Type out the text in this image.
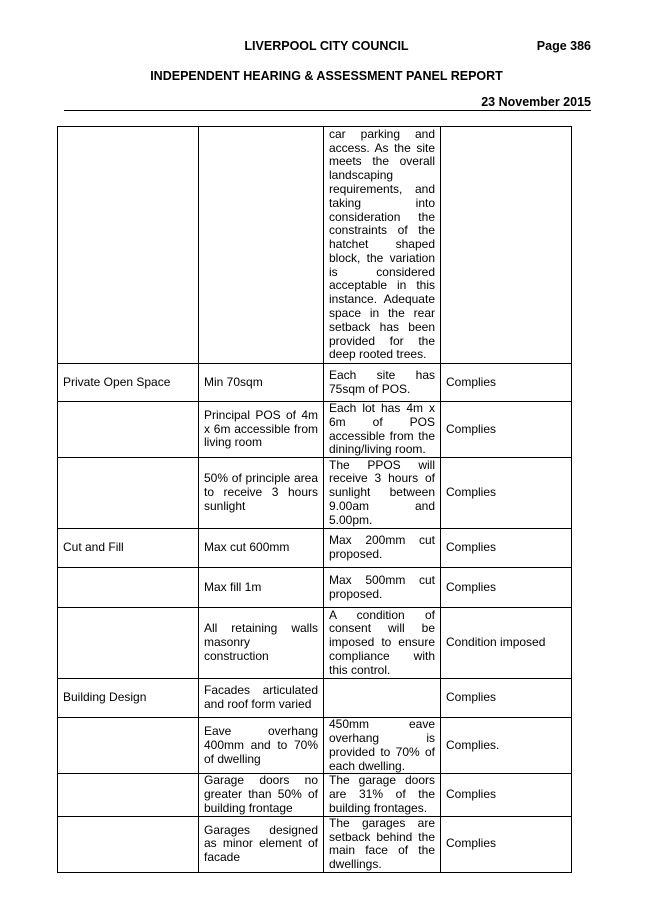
LIVERPOOL CITY COUNCIL	Page 386
INDEPENDENT HEARING & ASSESSMENT PANEL REPORT
23 November 2015
		car parking and access. As the site meets the overall landscaping requirements, and taking into consideration the constraints of the hatchet shaped block, the variation is considered acceptable in this instance. Adequate space in the rear setback has been provided for the deep rooted trees.	
Private Open Space	Min 70sqm	Each site has 75sqm of POS.	Complies
	Principal POS of 4m x 6m accessible from living room	Each lot has 4m x 6m of POS accessible from the dining/living room.	Complies
	50% of principle area to receive 3 hours sunlight	The PPOS will receive 3 hours of sunlight between 9.00am and 5.00pm.	Complies
Cut and Fill	Max cut 600mm	Max 200mm cut proposed.	Complies
	Max fill 1m	Max 500mm cut proposed.	Complies
	All retaining walls masonry construction	A condition of consent will be imposed to ensure compliance with this control.	Condition imposed
Building Design	Facades articulated and roof form varied		Complies
	Eave overhang 400mm and to 70% of dwelling	450mm eave overhang is provided to 70% of each dwelling.	Complies.
	Garage doors no greater than 50% of building frontage	The garage doors are 31% of the building frontages.	Complies
	Garages designed as minor element of facade	The garages are setback behind the main face of the dwellings.	Complies
